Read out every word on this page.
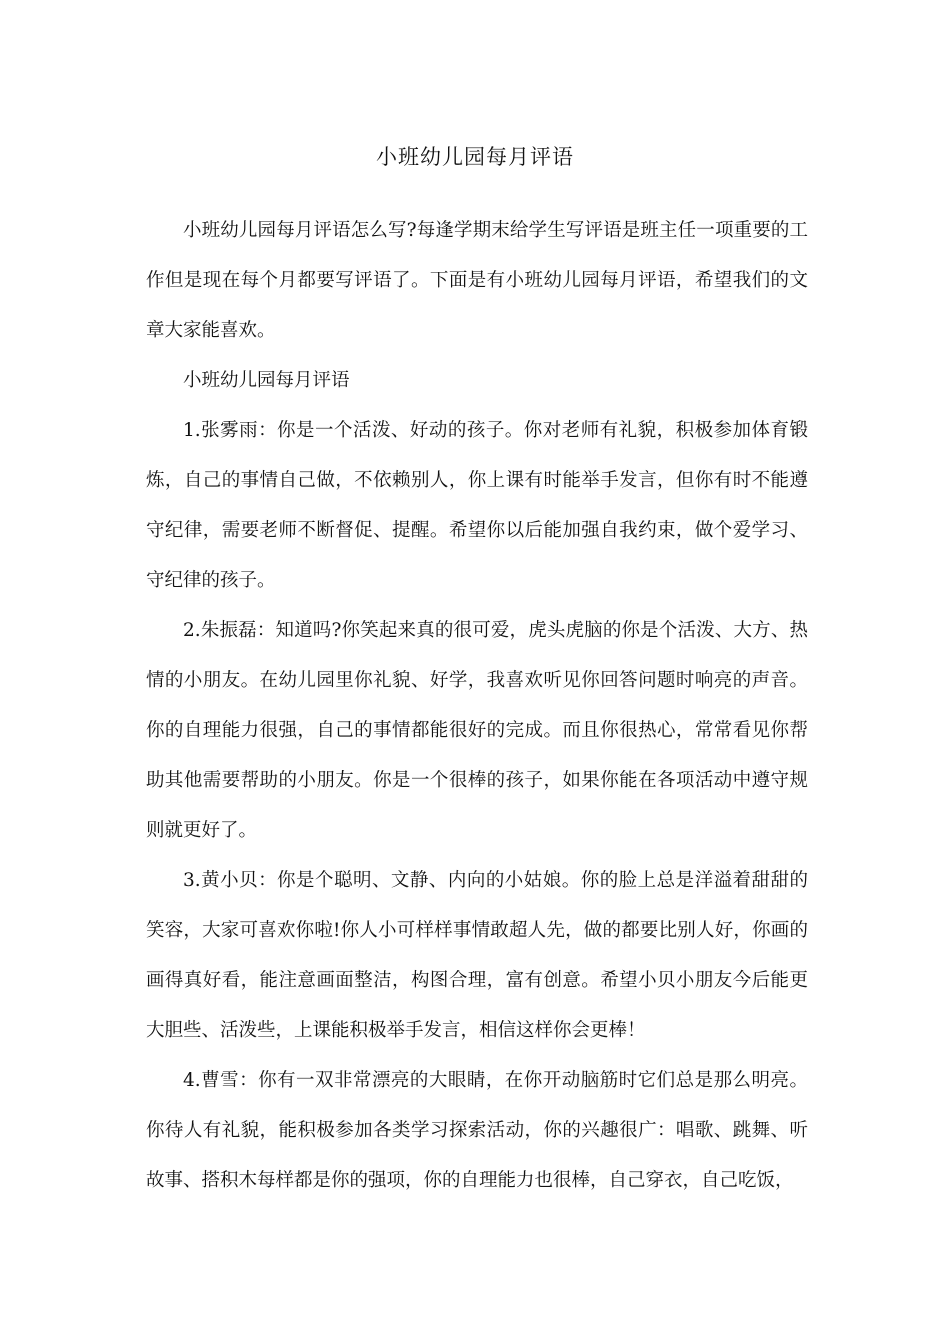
小班幼儿园每月评语

小班幼儿园每月评语怎么写?每逢学期末给学生写评语是班主任一项重要的工作但是现在每个月都要写评语了。下面是有小班幼儿园每月评语，希望我们的文章大家能喜欢。

小班幼儿园每月评语

1.张雾雨：你是一个活泼、好动的孩子。你对老师有礼貌，积极参加体育锻炼，自己的事情自己做，不依赖别人，你上课有时能举手发言，但你有时不能遵守纪律，需要老师不断督促、提醒。希望你以后能加强自我约束，做个爱学习、守纪律的孩子。

2.朱振磊：知道吗?你笑起来真的很可爱，虎头虎脑的你是个活泼、大方、热情的小朋友。在幼儿园里你礼貌、好学，我喜欢听见你回答问题时响亮的声音。你的自理能力很强，自己的事情都能很好的完成。而且你很热心，常常看见你帮助其他需要帮助的小朋友。你是一个很棒的孩子，如果你能在各项活动中遵守规则就更好了。

3.黄小贝：你是个聪明、文静、内向的小姑娘。你的脸上总是洋溢着甜甜的笑容，大家可喜欢你啦!你人小可样样事情敢超人先，做的都要比别人好，你画的画得真好看，能注意画面整洁，构图合理，富有创意。希望小贝小朋友今后能更大胆些、活泼些，上课能积极举手发言，相信这样你会更棒！

4.曹雪：你有一双非常漂亮的大眼睛，在你开动脑筋时它们总是那么明亮。你待人有礼貌，能积极参加各类学习探索活动，你的兴趣很广：唱歌、跳舞、听故事、搭积木每样都是你的强项，你的自理能力也很棒，自己穿衣，自己吃饭，
